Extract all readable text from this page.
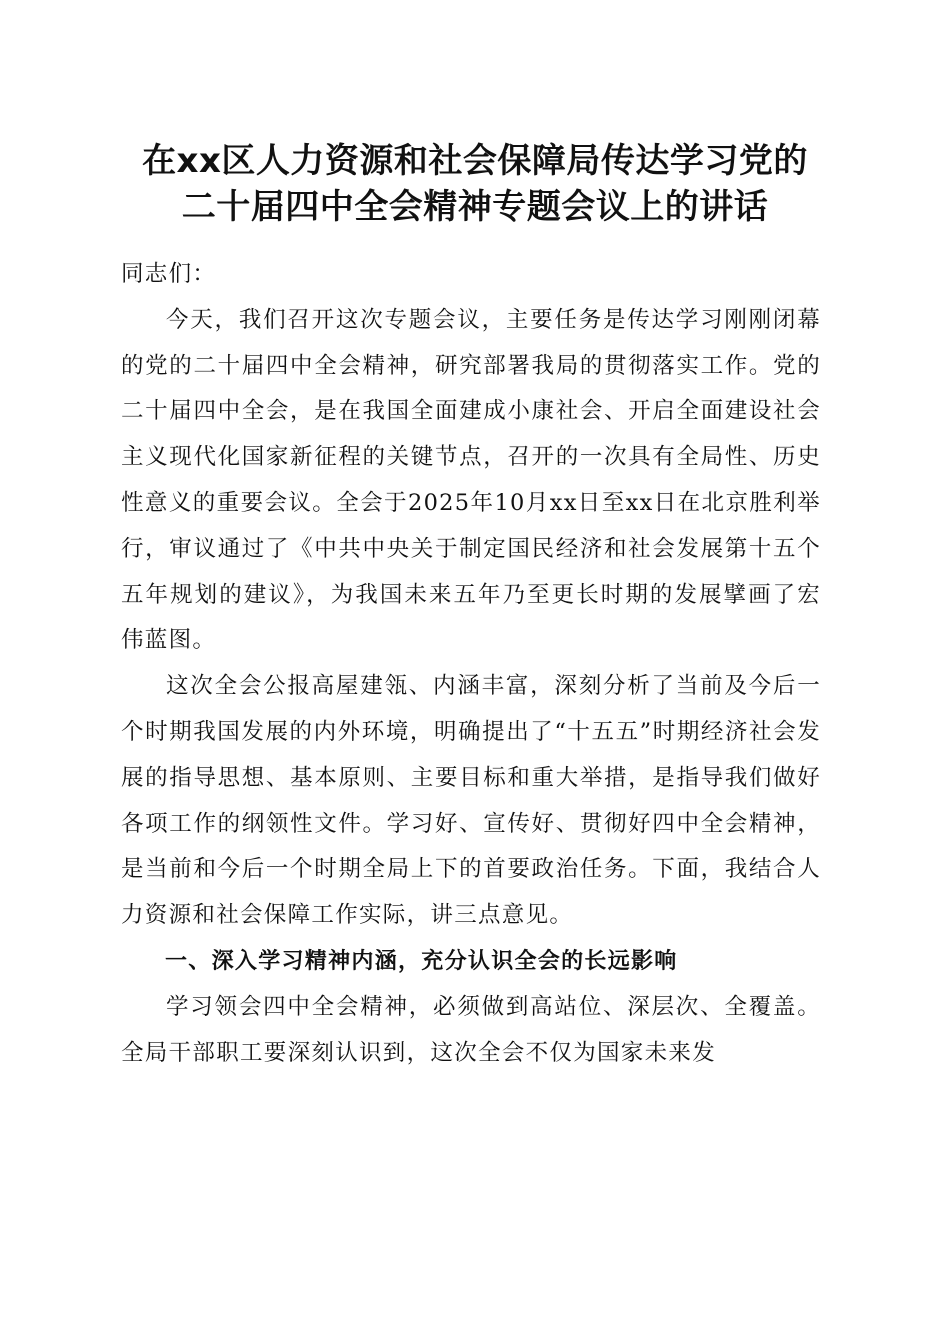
在xx区人力资源和社会保障局传达学习党的
二十届四中全会精神专题会议上的讲话

同志们：

今天，我们召开这次专题会议，主要任务是传达学习刚刚闭幕的党的二十届四中全会精神，研究部署我局的贯彻落实工作。党的二十届四中全会，是在我国全面建成小康社会、开启全面建设社会主义现代化国家新征程的关键节点，召开的一次具有全局性、历史性意义的重要会议。全会于2025年10月xx日至xx日在北京胜利举行，审议通过了《中共中央关于制定国民经济和社会发展第十五个五年规划的建议》，为我国未来五年乃至更长时期的发展擘画了宏伟蓝图。

这次全会公报高屋建瓴、内涵丰富，深刻分析了当前及今后一个时期我国发展的内外环境，明确提出了“十五五”时期经济社会发展的指导思想、基本原则、主要目标和重大举措，是指导我们做好各项工作的纲领性文件。学习好、宣传好、贯彻好四中全会精神，是当前和今后一个时期全局上下的首要政治任务。下面，我结合人力资源和社会保障工作实际，讲三点意见。

一、深入学习精神内涵，充分认识全会的长远影响

学习领会四中全会精神，必须做到高站位、深层次、全覆盖。全局干部职工要深刻认识到，这次全会不仅为国家未来发
